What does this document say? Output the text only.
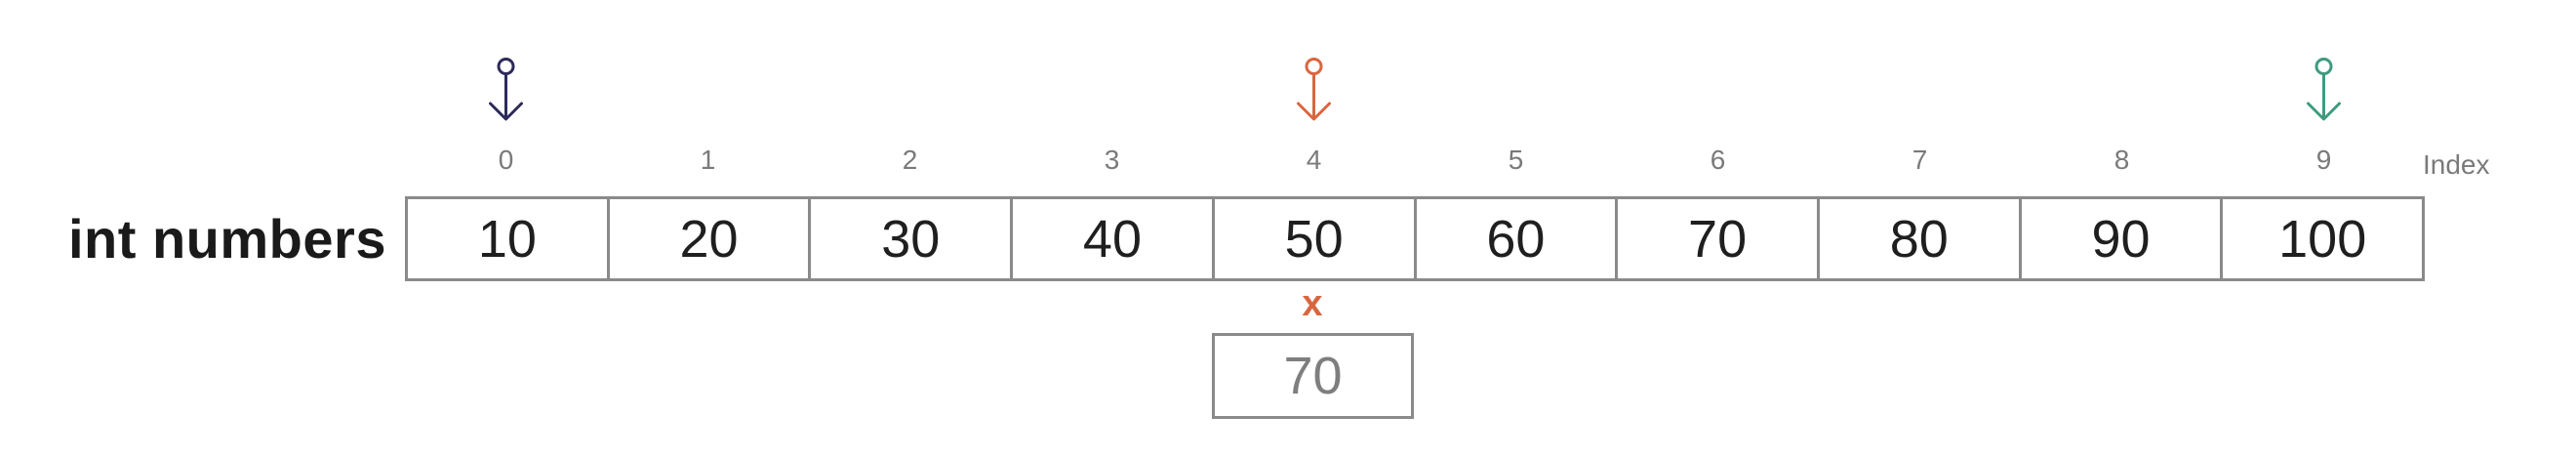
int numbers
0	1	2	3	4	5	6	7	8	9	Index
10	20	30	40	50	60	70	80	90	100
x
70
